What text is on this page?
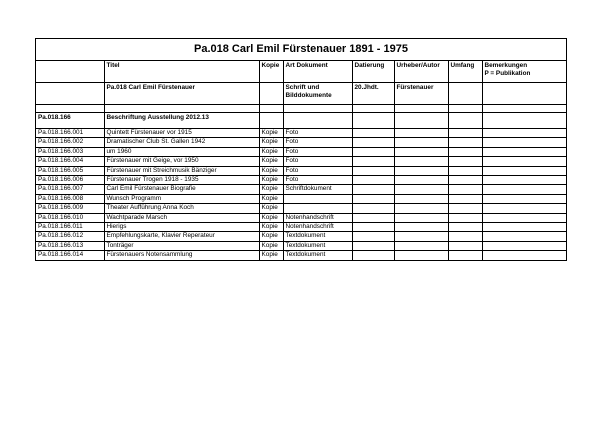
Pa.018 Carl Emil Fürstenauer 1891 - 1975
	Titel	Kopie	Art Dokument	Datierung	Urheber/Autor	Umfang	Bemerkungen
P = Publikation
	Pa.018 Carl Emil Fürstenauer		Schrift und
Bilddokumente	20.Jhdt.	Fürstenauer		

Pa.018.166	Beschriftung Ausstellung 2012.13						
Pa.018.166.001	Quintett Fürstenauer vor 1915	Kopie	Foto				
Pa.018.166.002	Dramatischer Club St. Gallen 1942	Kopie	Foto				
Pa.018.166.003	um 1960	Kopie	Foto				
Pa.018.166.004	Fürstenauer mit Geige, vor 1950	Kopie	Foto				
Pa.018.166.005	Fürstenauer mit Streichmusik Bänziger	Kopie	Foto				
Pa.018.166.006	Fürstenauer Trogen 1918 - 1935	Kopie	Foto				
Pa.018.166.007	Carl Emil Fürstenauer Biografie	Kopie	Schriftdokument				
Pa.018.166.008	Wunsch Programm	Kopie					
Pa.018.166.009	Theater Aufführung Anna Koch	Kopie					
Pa.018.166.010	Wachtparade Marsch	Kopie	Notenhandschrift				
Pa.018.166.011	Hierigs	Kopie	Notenhandschrift				
Pa.018.166.012	Empfehlungskarte, Klavier Reperateur	Kopie	Textdokument				
Pa.018.166.013	Tonträger	Kopie	Textdokument				
Pa.018.166.014	Fürstenauers Notensammlung	Kopie	Textdokument				
